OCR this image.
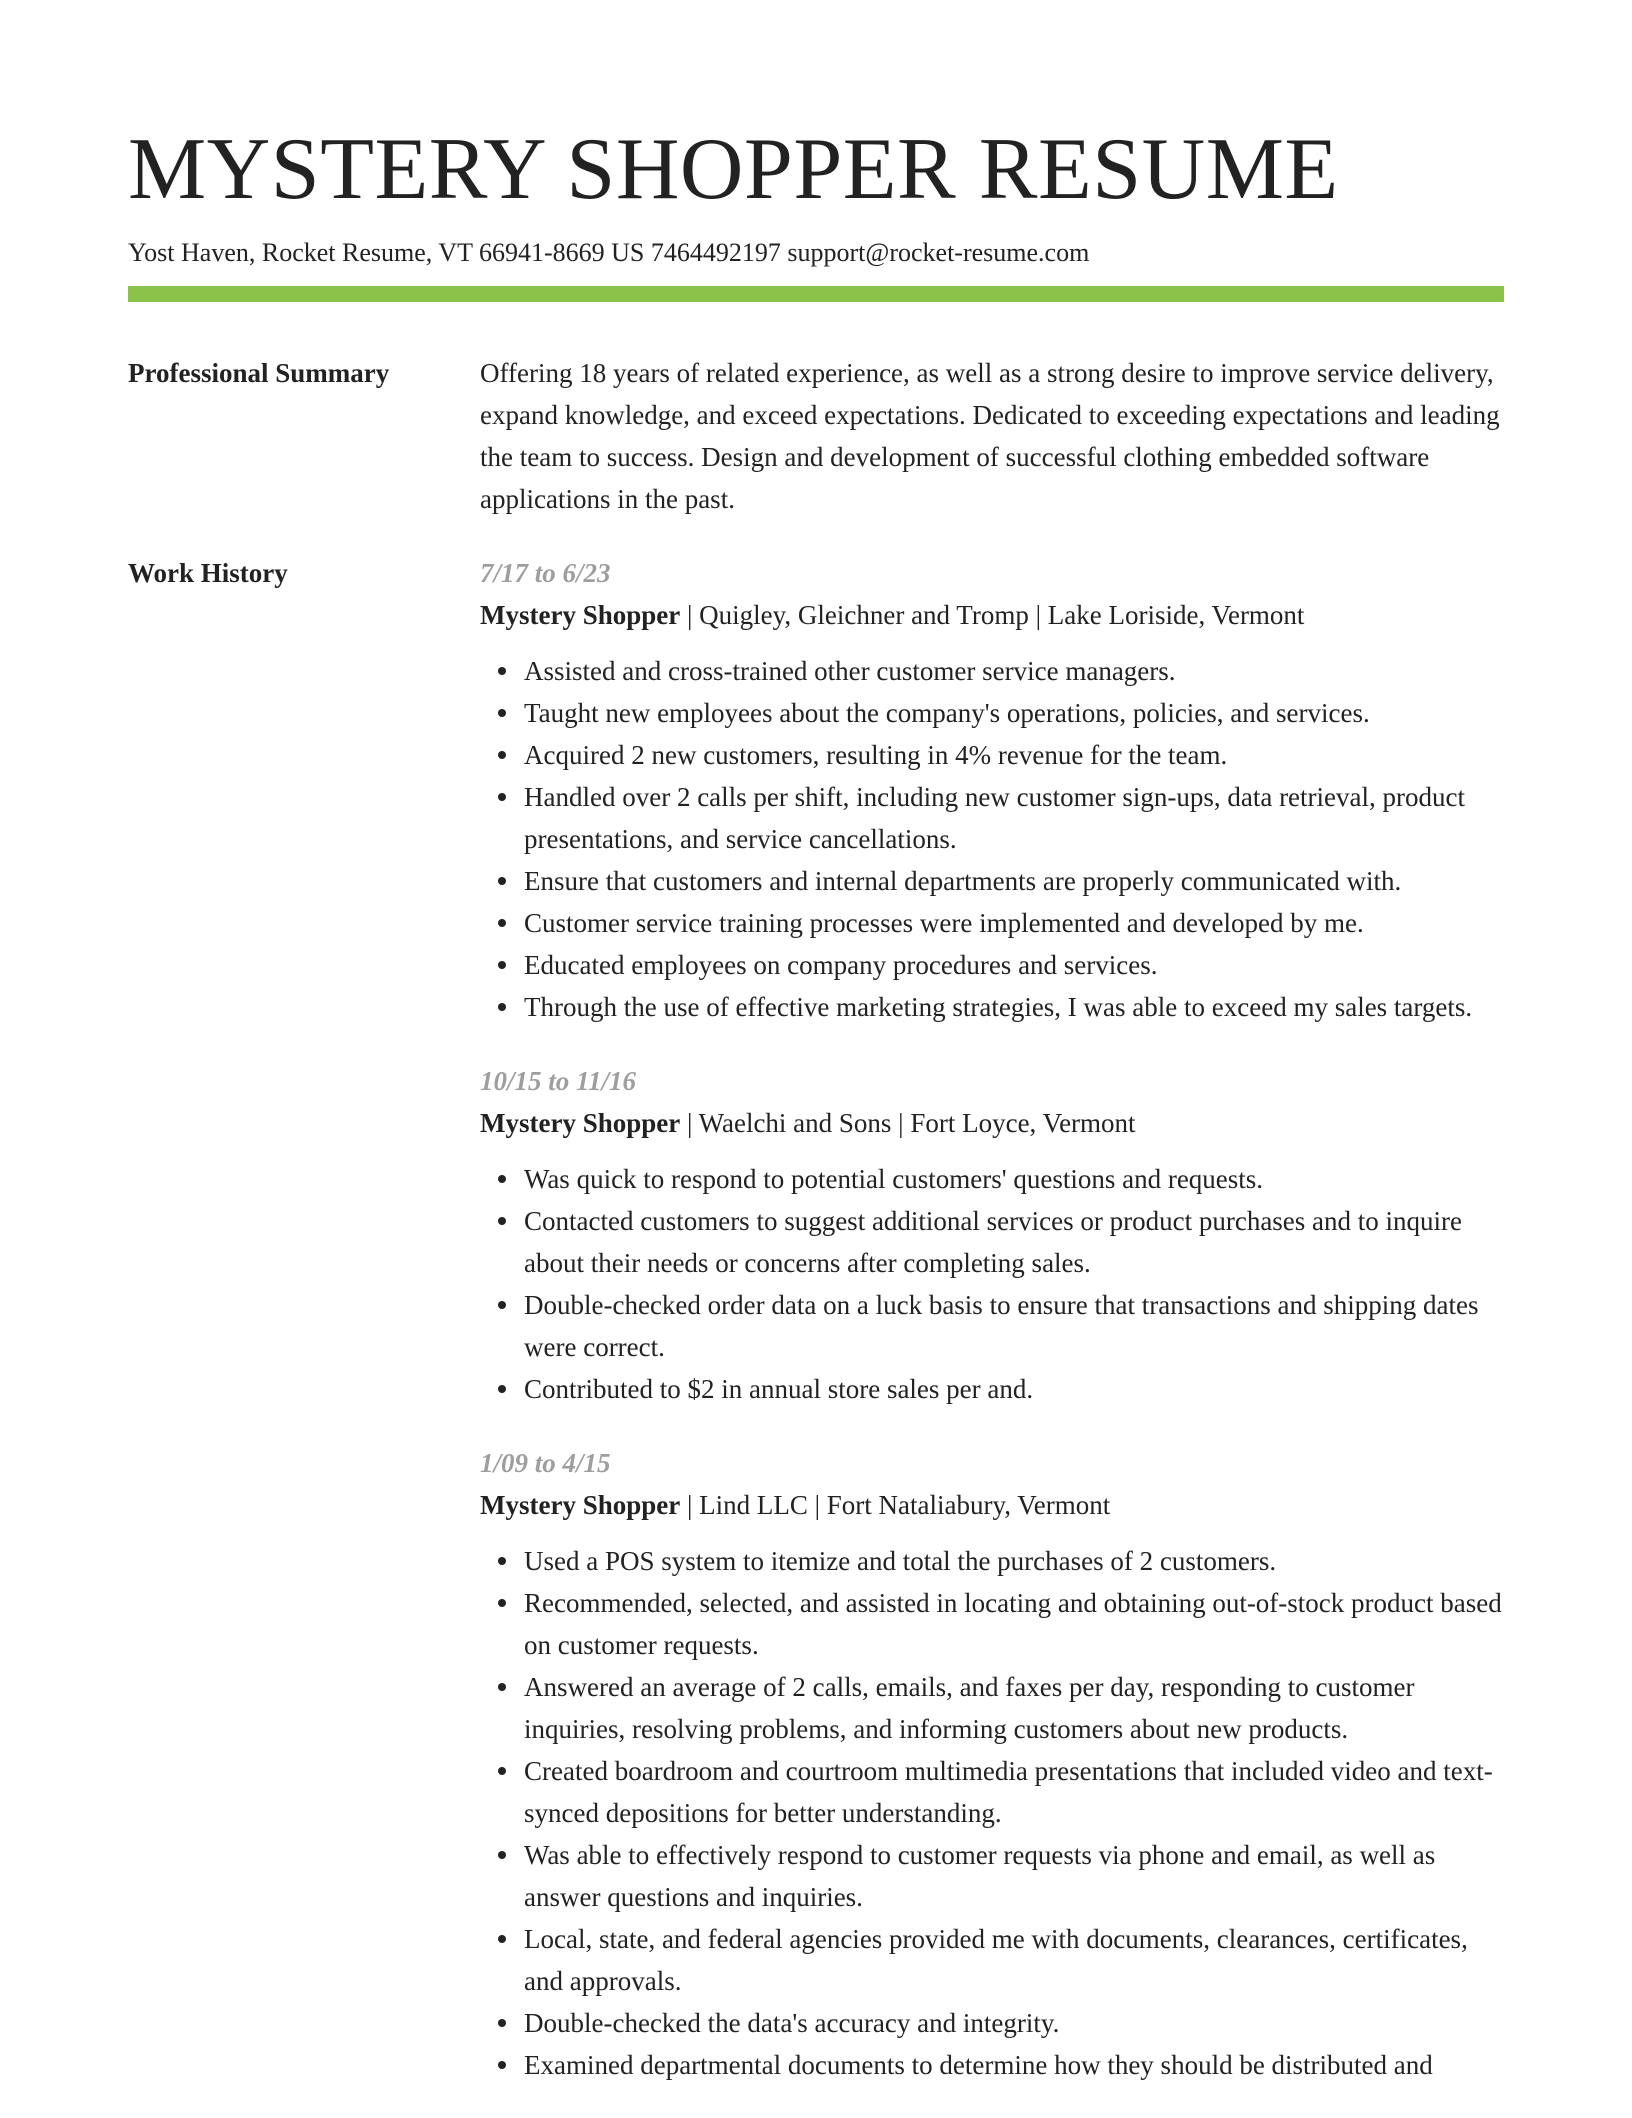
MYSTERY SHOPPER RESUME
Yost Haven, Rocket Resume, VT 66941-8669 US 7464492197 support@rocket-resume.com
Professional Summary	Offering 18 years of related experience, as well as a strong desire to improve service delivery, expand knowledge, and exceed expectations. Dedicated to exceeding expectations and leading the team to success. Design and development of successful clothing embedded software applications in the past.

Work History	7/17 to 6/23
Mystery Shopper | Quigley, Gleichner and Tromp | Lake Loriside, Vermont
Assisted and cross-trained other customer service managers.
Taught new employees about the company's operations, policies, and services.
Acquired 2 new customers, resulting in 4% revenue for the team.
Handled over 2 calls per shift, including new customer sign-ups, data retrieval, product presentations, and service cancellations.
Ensure that customers and internal departments are properly communicated with.
Customer service training processes were implemented and developed by me.
Educated employees on company procedures and services.
Through the use of effective marketing strategies, I was able to exceed my sales targets.
10/15 to 11/16
Mystery Shopper | Waelchi and Sons | Fort Loyce, Vermont
Was quick to respond to potential customers' questions and requests.
Contacted customers to suggest additional services or product purchases and to inquire about their needs or concerns after completing sales.
Double-checked order data on a luck basis to ensure that transactions and shipping dates were correct.
Contributed to $2 in annual store sales per and.
1/09 to 4/15
Mystery Shopper | Lind LLC | Fort Nataliabury, Vermont
Used a POS system to itemize and total the purchases of 2 customers.
Recommended, selected, and assisted in locating and obtaining out-of-stock product based on customer requests.
Answered an average of 2 calls, emails, and faxes per day, responding to customer inquiries, resolving problems, and informing customers about new products.
Created boardroom and courtroom multimedia presentations that included video and text-synced depositions for better understanding.
Was able to effectively respond to customer requests via phone and email, as well as answer questions and inquiries.
Local, state, and federal agencies provided me with documents, clearances, certificates, and approvals.
Double-checked the data's accuracy and integrity.
Examined departmental documents to determine how they should be distributed and
